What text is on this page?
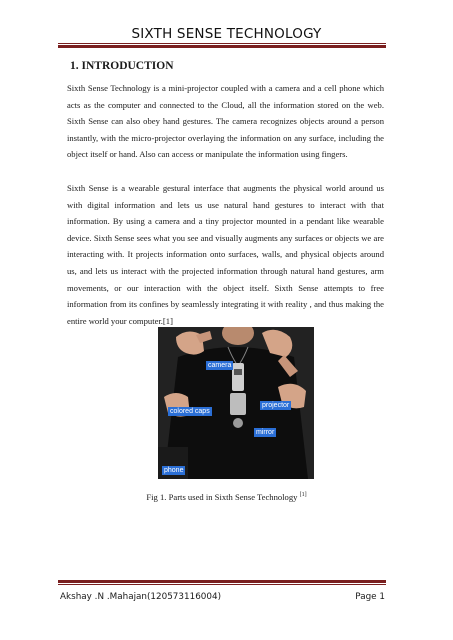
SIXTH SENSE TECHNOLOGY
1. INTRODUCTION

Sixth Sense Technology is a mini-projector coupled with a camera and a cell phone which acts as the computer and connected to the Cloud, all the information stored on the web. Sixth Sense can also obey hand gestures. The camera recognizes objects around a person instantly, with the micro-projector overlaying the information on any surface, including the object itself or hand. Also can access or manipulate the information using fingers.

Sixth Sense is a wearable gestural interface that augments the physical world around us with digital information and lets us use natural hand gestures to interact with that information. By using a camera and a tiny projector mounted in a pendant like wearable device. Sixth Sense sees what you see and visually augments any surfaces or objects we are interacting with. It projects information onto surfaces, walls, and physical objects around us, and lets us interact with the projected information through natural hand gestures, arm movements, or our interaction with the object itself. Sixth Sense attempts to free information from its confines by seamlessly integrating it with reality , and thus making the entire world your computer.[1]

camera
projector
colored caps
mirror
phone
Fig 1. Parts used in Sixth Sense Technology [1]
Akshay .N .Mahajan(120573116004)	Page 1
